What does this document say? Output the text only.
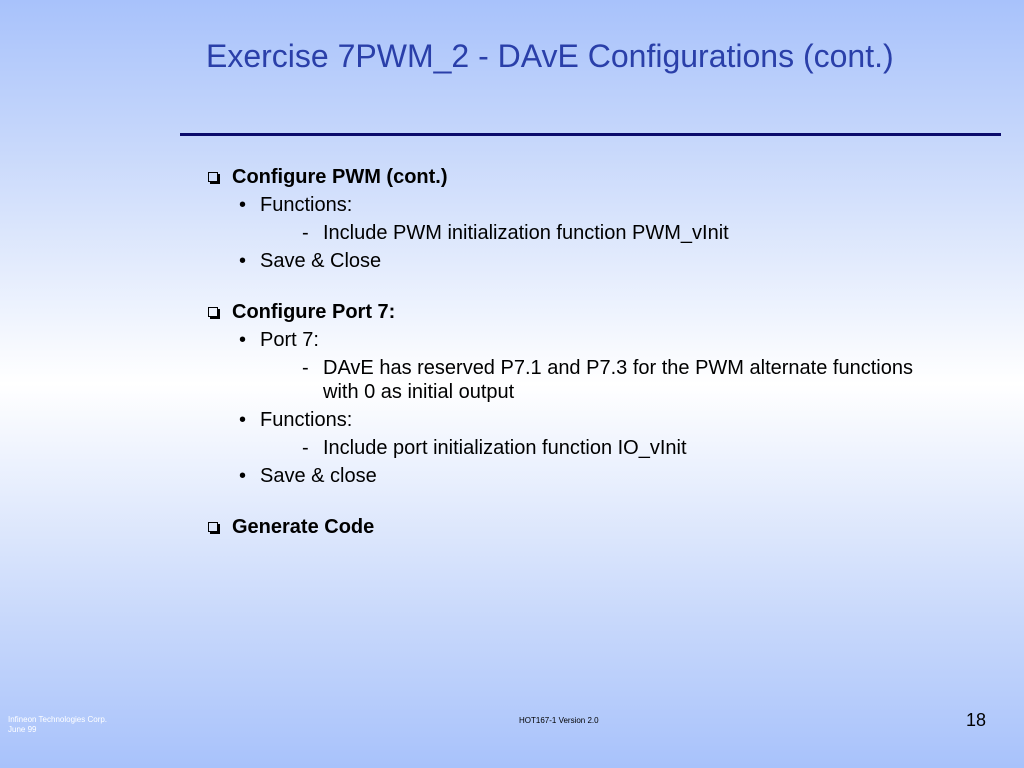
Exercise 7PWM_2 - DAvE Configurations (cont.)
Configure PWM (cont.)
• Functions:
- Include PWM initialization function PWM_vInit
• Save & Close
Configure Port 7:
• Port 7:
- DAvE has reserved P7.1 and P7.3 for the PWM alternate functions with 0 as initial output
• Functions:
- Include port initialization function IO_vInit
• Save & close
Generate Code
Infineon Technologies Corp.
June 99
HOT167-1 Version 2.0	18
